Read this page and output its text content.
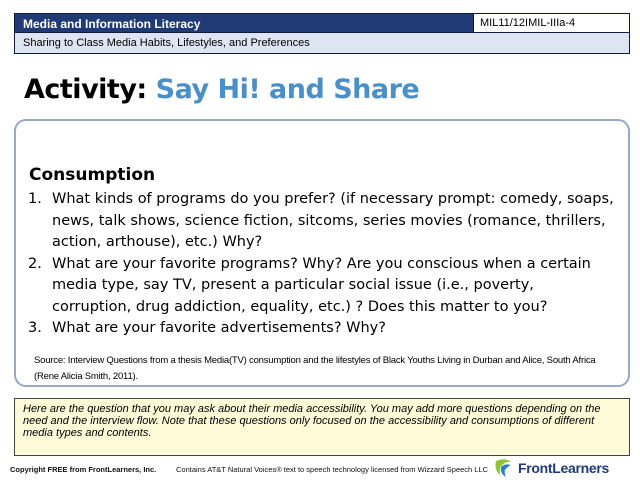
Media and Information Literacy	MIL11/12IMIL-IIIa-4
Sharing to Class Media Habits, Lifestyles, and Preferences
Activity: Say Hi! and Share
Consumption
1. What kinds of programs do you prefer? (if necessary prompt: comedy, soaps, news, talk shows, science fiction, sitcoms, series movies (romance, thrillers, action, arthouse), etc.) Why?
2. What are your favorite programs? Why? Are you conscious when a certain media type, say TV, present a particular social issue (i.e., poverty, corruption, drug addiction, equality, etc.) ? Does this matter to you?
3. What are your favorite advertisements? Why?
Source: Interview Questions from a thesis Media(TV) consumption and the lifestyles of Black Youths Living in Durban and Alice, South Africa (Rene Alicia Smith, 2011).
Here are the question that you may ask about their media accessibility. You may add more questions depending on the need and the interview flow. Note that these questions only focused on the accessibility and consumptions of different media types and contents.
Copyright FREE from FrontLearners, Inc.	Contains AT&T Natural Voices® text to speech technology licensed from Wizzard Speech LLC FrontLearners
